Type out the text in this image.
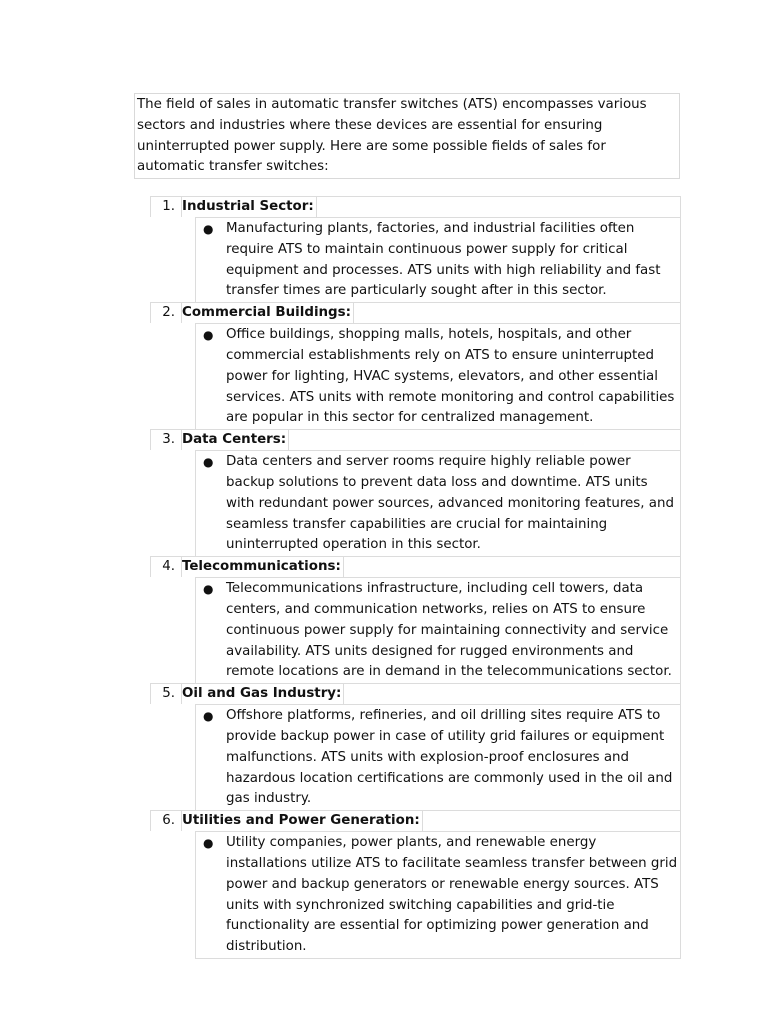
The field of sales in automatic transfer switches (ATS) encompasses various sectors and industries where these devices are essential for ensuring uninterrupted power supply. Here are some possible fields of sales for automatic transfer switches:
1. Industrial Sector:
● Manufacturing plants, factories, and industrial facilities often require ATS to maintain continuous power supply for critical equipment and processes. ATS units with high reliability and fast transfer times are particularly sought after in this sector.
2. Commercial Buildings:
● Office buildings, shopping malls, hotels, hospitals, and other commercial establishments rely on ATS to ensure uninterrupted power for lighting, HVAC systems, elevators, and other essential services. ATS units with remote monitoring and control capabilities are popular in this sector for centralized management.
3. Data Centers:
● Data centers and server rooms require highly reliable power backup solutions to prevent data loss and downtime. ATS units with redundant power sources, advanced monitoring features, and seamless transfer capabilities are crucial for maintaining uninterrupted operation in this sector.
4. Telecommunications:
● Telecommunications infrastructure, including cell towers, data centers, and communication networks, relies on ATS to ensure continuous power supply for maintaining connectivity and service availability. ATS units designed for rugged environments and remote locations are in demand in the telecommunications sector.
5. Oil and Gas Industry:
● Offshore platforms, refineries, and oil drilling sites require ATS to provide backup power in case of utility grid failures or equipment malfunctions. ATS units with explosion-proof enclosures and hazardous location certifications are commonly used in the oil and gas industry.
6. Utilities and Power Generation:
● Utility companies, power plants, and renewable energy installations utilize ATS to facilitate seamless transfer between grid power and backup generators or renewable energy sources. ATS units with synchronized switching capabilities and grid-tie functionality are essential for optimizing power generation and distribution.
